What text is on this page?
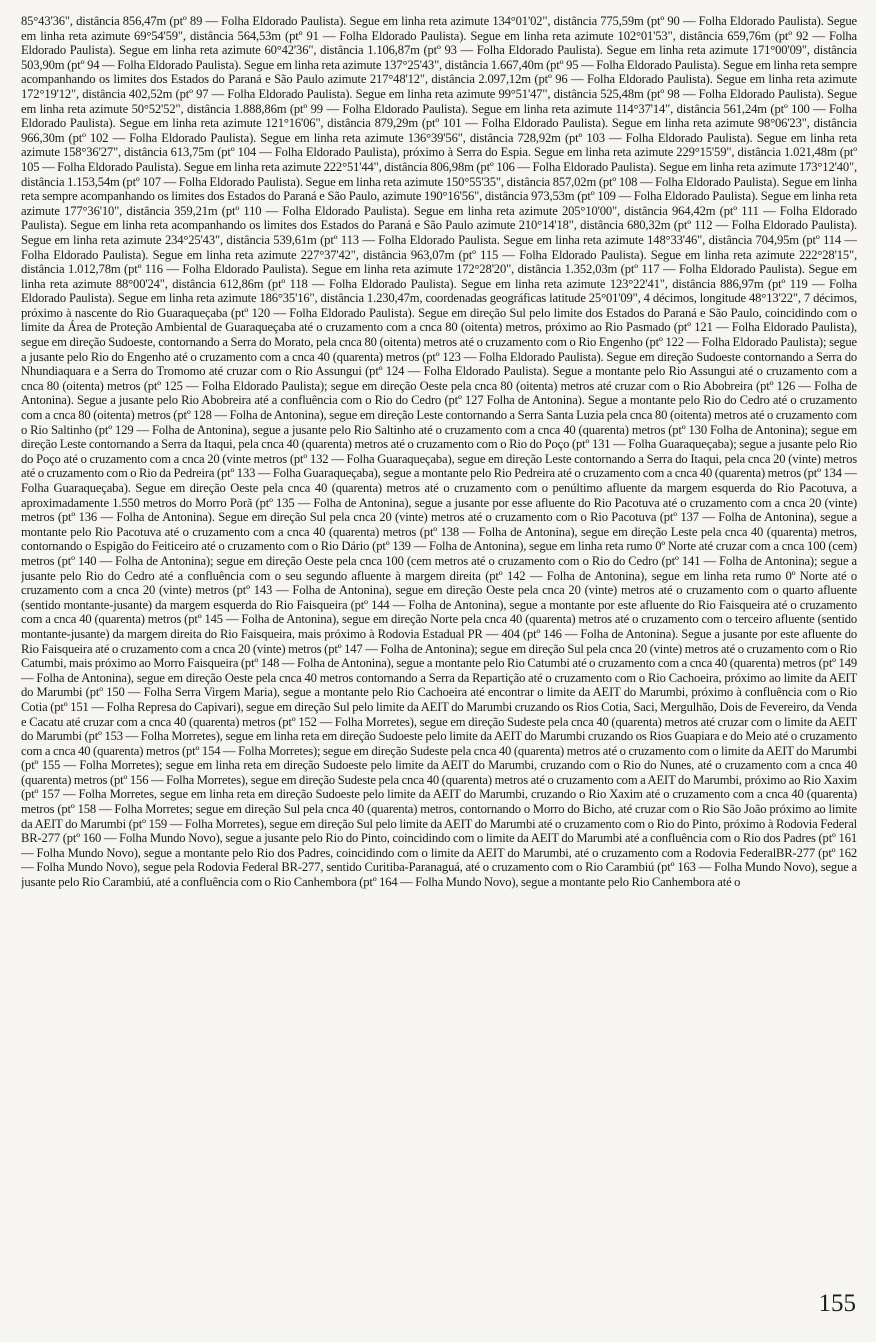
85°43'36", distância 856,47m (ptº 89 — Folha Eldorado Paulista). Segue em linha reta azimute 134°01'02", distância 775,59m (ptº 90 — Folha Eldorado Paulista). Segue em linha reta azimute 69°54'59", distância 564,53m (ptº 91 — Folha Eldorado Paulista). Segue em linha reta azimute 102°01'53", distância 659,76m (ptº 92 — Folha Eldorado Paulista). Segue em linha reta azimute 60°42'36", distância 1.106,87m (ptº 93 — Folha Eldorado Paulista). Segue em linha reta azimute 171°00'09", distância 503,90m (ptº 94 — Folha Eldorado Paulista). Segue em linha reta azimute 137°25'43", distância 1.667,40m (ptº 95 — Folha Eldorado Paulista). Segue em linha reta sempre acompanhando os limites dos Estados do Paraná e São Paulo azimute 217°48'12", distância 2.097,12m (ptº 96 — Folha Eldorado Paulista). Segue em linha reta azimute 172°19'12", distância 402,52m (ptº 97 — Folha Eldorado Paulista). Segue em linha reta azimute 99°51'47", distância 525,48m (ptº 98 — Folha Eldorado Paulista). Segue em linha reta azimute 50°52'52", distância 1.888,86m (ptº 99 — Folha Eldorado Paulista). Segue em linha reta azimute 114°37'14", distância 561,24m (ptº 100 — Folha Eldorado Paulista). Segue em linha reta azimute 121°16'06", distância 879,29m (ptº 101 — Folha Eldorado Paulista). Segue em linha reta azimute 98°06'23", distância 966,30m (ptº 102 — Folha Eldorado Paulista). Segue em linha reta azimute 136°39'56", distância 728,92m (ptº 103 — Folha Eldorado Paulista). Segue em linha reta azimute 158°36'27", distância 613,75m (ptº 104 — Folha Eldorado Paulista), próximo à Serra do Espia. Segue em linha reta azimute 229°15'59", distância 1.021,48m (ptº 105 — Folha Eldorado Paulista). Segue em linha reta azimute 222°51'44", distância 806,98m (ptº 106 — Folha Eldorado Paulista). Segue em linha reta azimute 173°12'40", distância 1.153,54m (ptº 107 — Folha Eldorado Paulista). Segue em linha reta azimute 150°55'35", distância 857,02m (ptº 108 — Folha Eldorado Paulista). Segue em linha reta sempre acompanhando os limites dos Estados do Paraná e São Paulo, azimute 190°16'56", distância 973,53m (ptº 109 — Folha Eldorado Paulista). Segue em linha reta azimute 177°36'10", distância 359,21m (ptº 110 — Folha Eldorado Paulista). Segue em linha reta azimute 205°10'00", distância 964,42m (ptº 111 — Folha Eldorado Paulista). Segue em linha reta acompanhando os limites dos Estados do Paraná e São Paulo azimute 210°14'18", distância 680,32m (ptº 112 — Folha Eldorado Paulista). Segue em linha reta azimute 234°25'43", distância 539,61m (ptº 113 — Folha Eldorado Paulista. Segue em linha reta azimute 148°33'46", distância 704,95m (ptº 114 — Folha Eldorado Paulista). Segue em linha reta azimute 227°37'42", distância 963,07m (ptº 115 — Folha Eldorado Paulista). Segue em linha reta azimute 222°28'15", distância 1.012,78m (ptº 116 — Folha Eldorado Paulista). Segue em linha reta azimute 172°28'20", distância 1.352,03m (ptº 117 — Folha Eldorado Paulista). Segue em linha reta azimute 88°00'24", distância 612,86m (ptº 118 — Folha Eldorado Paulista). Segue em linha reta azimute 123°22'41", distância 886,97m (ptº 119 — Folha Eldorado Paulista). Segue em linha reta azimute 186°35'16", distância 1.230,47m, coordenadas geográficas latitude 25°01'09", 4 décimos, longitude 48°13'22", 7 décimos, próximo à nascente do Rio Guaraqueçaba (ptº 120 — Folha Eldorado Paulista). Segue em direção Sul pelo limite dos Estados do Paraná e São Paulo, coincidindo com o limite da Área de Proteção Ambiental de Guaraqueçaba até o cruzamento com a cnca 80 (oitenta) metros, próximo ao Rio Pasmado (ptº 121 — Folha Eldorado Paulista), segue em direção Sudoeste, contornando a Serra do Morato, pela cnca 80 (oitenta) metros até o cruzamento com o Rio Engenho (ptº 122 — Folha Eldorado Paulista); segue a jusante pelo Rio do Engenho até o cruzamento com a cnca 40 (quarenta) metros (ptº 123 — Folha Eldorado Paulista). Segue em direção Sudoeste contornando a Serra do Nhundiaquara e a Serra do Tromomo até cruzar com o Rio Assungui (ptº 124 — Folha Eldorado Paulista). Segue a montante pelo Rio Assungui até o cruzamento com a cnca 80 (oitenta) metros (ptº 125 — Folha Eldorado Paulista); segue em direção Oeste pela cnca 80 (oitenta) metros até cruzar com o Rio Abobreira (ptº 126 — Folha de Antonina). Segue a jusante pelo Rio Abobreira até a confluência com o Rio do Cedro (ptº 127 Folha de Antonina). Segue a montante pelo Rio do Cedro até o cruzamento com a cnca 80 (oitenta) metros (ptº 128 — Folha de Antonina), segue em direção Leste contornando a Serra Santa Luzia pela cnca 80 (oitenta) metros até o cruzamento com o Rio Saltinho (ptº 129 — Folha de Antonina), segue a jusante pelo Rio Saltinho até o cruzamento com a cnca 40 (quarenta) metros (ptº 130 Folha de Antonina); segue em direção Leste contornando a Serra da Itaqui, pela cnca 40 (quarenta) metros até o cruzamento com o Rio do Poço (ptº 131 — Folha Guaraqueçaba); segue a jusante pelo Rio do Poço até o cruzamento com a cnca 20 (vinte metros (ptº 132 — Folha Guaraqueçaba), segue em direção Leste contornando a Serra do Itaqui, pela cnca 20 (vinte) metros até o cruzamento com o Rio da Pedreira (ptº 133 — Folha Guaraqueçaba), segue a montante pelo Rio Pedreira até o cruzamento com a cnca 40 (quarenta) metros (ptº 134 — Folha Guaraqueçaba). Segue em direção Oeste pela cnca 40 (quarenta) metros até o cruzamento com o penúltimo afluente da margem esquerda do Rio Pacotuva, a aproximadamente 1.550 metros do Morro Porã (ptº 135 — Folha de Antonina), segue a jusante por esse afluente do Rio Pacotuva até o cruzamento com a cnca 20 (vinte) metros (ptº 136 — Folha de Antonina). Segue em direção Sul pela cnca 20 (vinte) metros até o cruzamento com o Rio Pacotuva (ptº 137 — Folha de Antonina), segue a montante pelo Rio Pacotuva até o cruzamento com a cnca 40 (quarenta) metros (ptº 138 — Folha de Antonina), segue em direção Leste pela cnca 40 (quarenta) metros, contornando o Espigão do Feiticeiro até o cruzamento com o Rio Dário (ptº 139 — Folha de Antonina), segue em linha reta rumo 0º Norte até cruzar com a cnca 100 (cem) metros (ptº 140 — Folha de Antonina); segue em direção Oeste pela cnca 100 (cem metros até o cruzamento com o Rio do Cedro (ptº 141 — Folha de Antonina); segue a jusante pelo Rio do Cedro até a confluência com o seu segundo afluente à margem direita (ptº 142 — Folha de Antonina), segue em linha reta rumo 0º Norte até o cruzamento com a cnca 20 (vinte) metros (ptº 143 — Folha de Antonina), segue em direção Oeste pela cnca 20 (vinte) metros até o cruzamento com o quarto afluente (sentido montante-jusante) da margem esquerda do Rio Faisqueira (ptº 144 — Folha de Antonina), segue a montante por este afluente do Rio Faisqueira até o cruzamento com a cnca 40 (quarenta) metros (ptº 145 — Folha de Antonina), segue em direção Norte pela cnca 40 (quarenta) metros até o cruzamento com o terceiro afluente (sentido montante-jusante) da margem direita do Rio Faisqueira, mais próximo à Rodovia Estadual PR — 404 (ptº 146 — Folha de Antonina). Segue a jusante por este afluente do Rio Faisqueira até o cruzamento com a cnca 20 (vinte) metros (ptº 147 — Folha de Antonina); segue em direção Sul pela cnca 20 (vinte) metros até o cruzamento com o Rio Catumbi, mais próximo ao Morro Faisqueira (ptº 148 — Folha de Antonina), segue a montante pelo Rio Catumbi até o cruzamento com a cnca 40 (quarenta) metros (ptº 149 — Folha de Antonina), segue em direção Oeste pela cnca 40 metros contornando a Serra da Repartição até o cruzamento com o Rio Cachoeira, próximo ao limite da AEIT do Marumbi (ptº 150 — Folha Serra Virgem Maria), segue a montante pelo Rio Cachoeira até encontrar o limite da AEIT do Marumbi, próximo à confluência com o Rio Cotia (ptº 151 — Folha Represa do Capivari), segue em direção Sul pelo limite da AEIT do Marumbi cruzando os Rios Cotia, Saci, Mergulhão, Dois de Fevereiro, da Venda e Cacatu até cruzar com a cnca 40 (quarenta) metros (ptº 152 — Folha Morretes), segue em direção Sudeste pela cnca 40 (quarenta) metros até cruzar com o limite da AEIT do Marumbi (ptº 153 — Folha Morretes), segue em linha reta em direção Sudoeste pelo limite da AEIT do Marumbi cruzando os Rios Guapiara e do Meio até o cruzamento com a cnca 40 (quarenta) metros (ptº 154 — Folha Morretes); segue em direção Sudeste pela cnca 40 (quarenta) metros até o cruzamento com o limite da AEIT do Marumbi (ptº 155 — Folha Morretes); segue em linha reta em direção Sudoeste pelo limite da AEIT do Marumbi, cruzando com o Rio do Nunes, até o cruzamento com a cnca 40 (quarenta) metros (ptº 156 — Folha Morretes), segue em direção Sudeste pela cnca 40 (quarenta) metros até o cruzamento com a AEIT do Marumbi, próximo ao Rio Xaxim (ptº 157 — Folha Morretes, segue em linha reta em direção Sudoeste pelo limite da AEIT do Marumbi, cruzando o Rio Xaxim até o cruzamento com a cnca 40 (quarenta) metros (ptº 158 — Folha Morretes; segue em direção Sul pela cnca 40 (quarenta) metros, contornando o Morro do Bicho, até cruzar com o Rio São João próximo ao limite da AEIT do Marumbi (ptº 159 — Folha Morretes), segue em direção Sul pelo limite da AEIT do Marumbi até o cruzamento com o Rio do Pinto, próximo à Rodovia Federal BR-277 (ptº 160 — Folha Mundo Novo), segue a jusante pelo Rio do Pinto, coincidindo com o limite da AEIT do Marumbi até a confluência com o Rio dos Padres (ptº 161 — Folha Mundo Novo), segue a montante pelo Rio dos Padres, coincidindo com o limite da AEIT do Marumbi, até o cruzamento com a Rodovia FederalBR-277 (ptº 162 — Folha Mundo Novo), segue pela Rodovia Federal BR-277, sentido Curitiba-Paranaguá, até o cruzamento com o Rio Carambiú (ptº 163 — Folha Mundo Novo), segue a jusante pelo Rio Carambiú, até a confluência com o Rio Canhembora (ptº 164 — Folha Mundo Novo), segue a montante pelo Rio Canhembora até o

155
